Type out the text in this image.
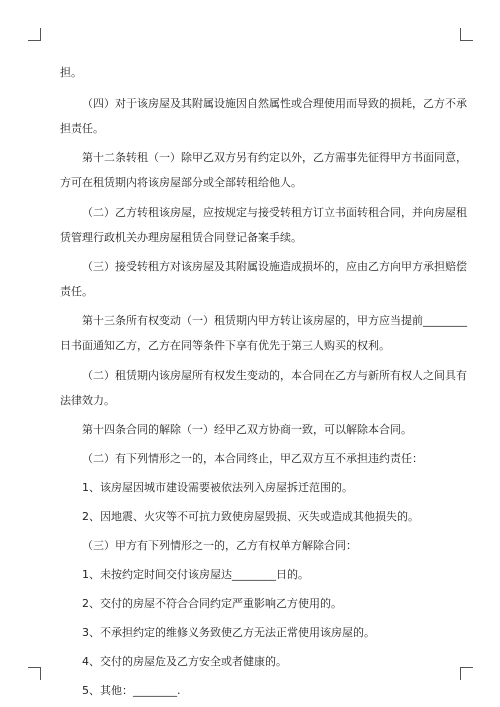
担。
（四）对于该房屋及其附属设施因自然属性或合理使用而导致的损耗，乙方不承
担责任。
第十二条转租（一）除甲乙双方另有约定以外，乙方需事先征得甲方书面同意，
方可在租赁期内将该房屋部分或全部转租给他人。
（二）乙方转租该房屋，应按规定与接受转租方订立书面转租合同，并向房屋租
赁管理行政机关办理房屋租赁合同登记备案手续。
（三）接受转租方对该房屋及其附属设施造成损坏的，应由乙方向甲方承担赔偿
责任。
第十三条所有权变动（一）租赁期内甲方转让该房屋的，甲方应当提前________
日书面通知乙方，乙方在同等条件下享有优先于第三人购买的权利。
（二）租赁期内该房屋所有权发生变动的，本合同在乙方与新所有权人之间具有
法律效力。
第十四条合同的解除（一）经甲乙双方协商一致，可以解除本合同。
（二）有下列情形之一的，本合同终止，甲乙双方互不承担违约责任：
1、该房屋因城市建设需要被依法列入房屋拆迁范围的。
2、因地震、火灾等不可抗力致使房屋毁损、灭失或造成其他损失的。
（三）甲方有下列情形之一的，乙方有权单方解除合同：
1、未按约定时间交付该房屋达________日的。
2、交付的房屋不符合合同约定严重影响乙方使用的。
3、不承担约定的维修义务致使乙方无法正常使用该房屋的。
4、交付的房屋危及乙方安全或者健康的。
5、其他：________.
